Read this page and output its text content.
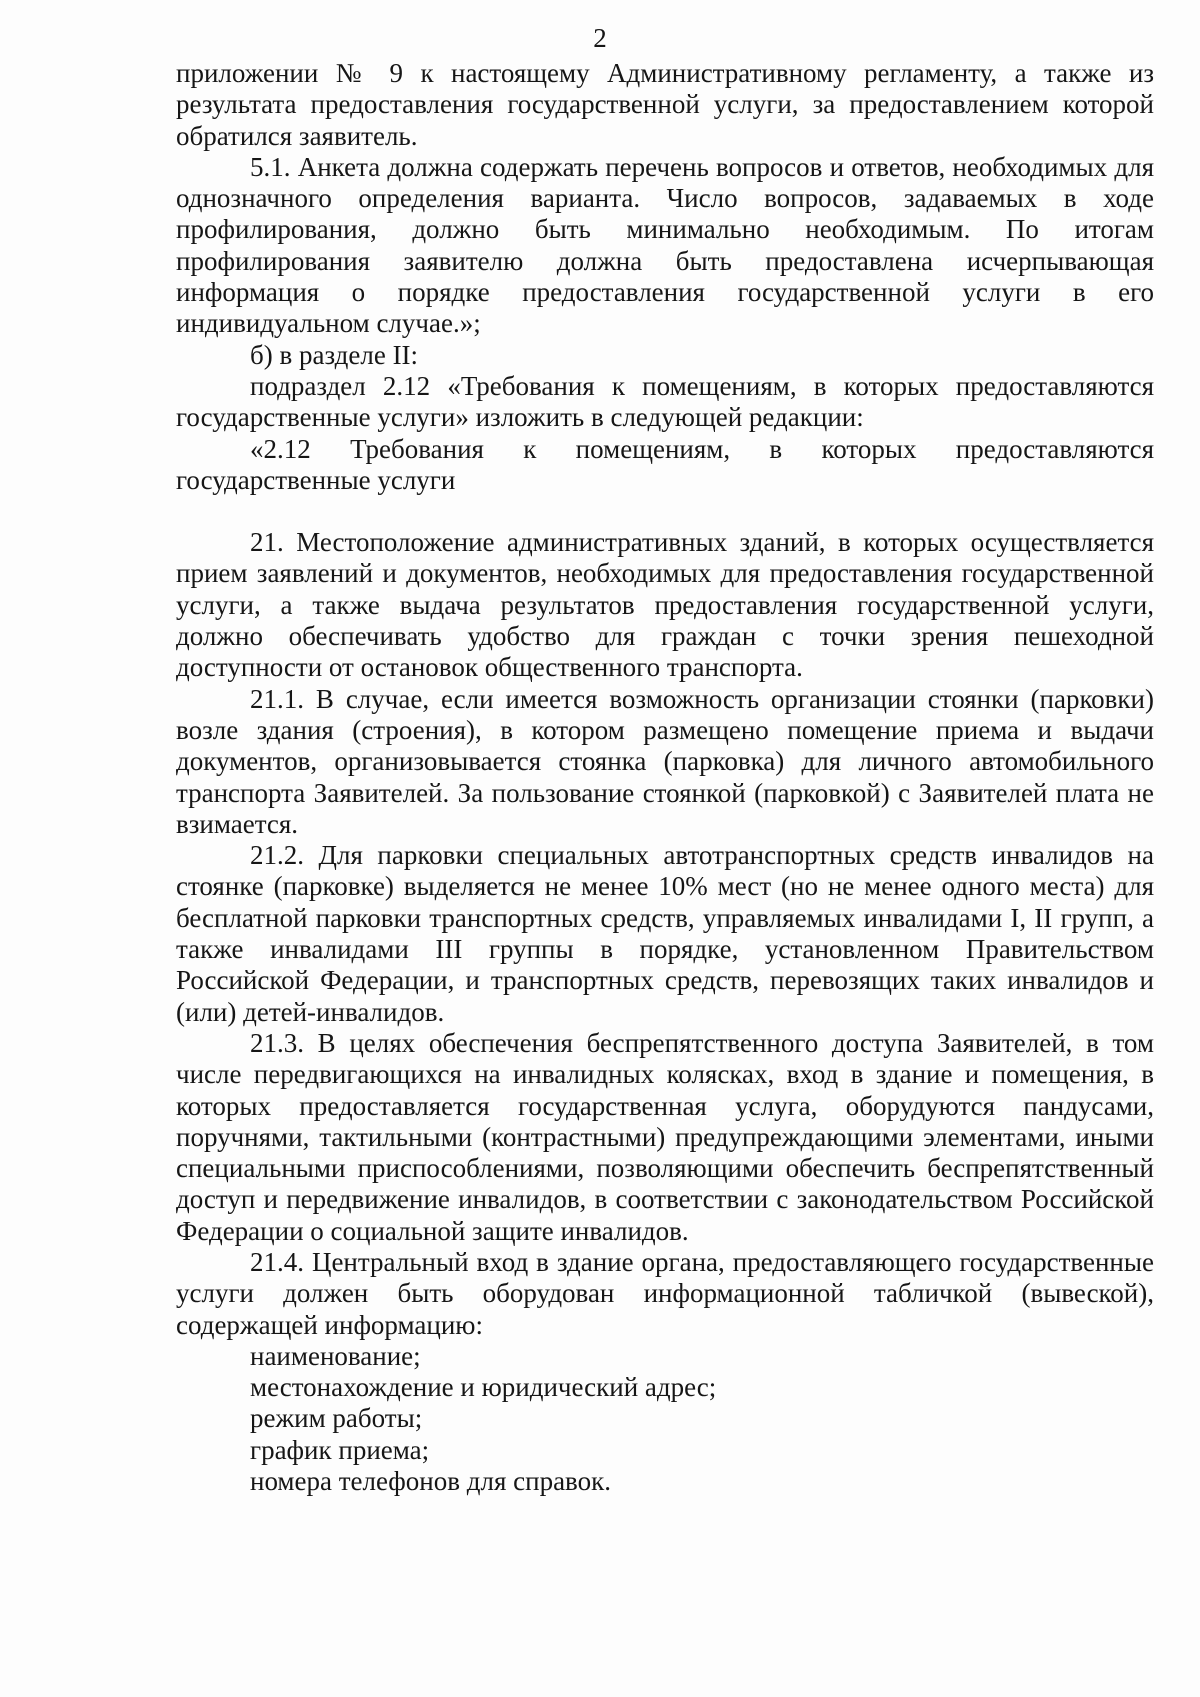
2

приложении № 9 к настоящему Административному регламенту, а также из результата предоставления государственной услуги, за предоставлением которой обратился заявитель.

5.1. Анкета должна содержать перечень вопросов и ответов, необходимых для однозначного определения варианта. Число вопросов, задаваемых в ходе профилирования, должно быть минимально необходимым. По итогам профилирования заявителю должна быть предоставлена исчерпывающая информация о порядке предоставления государственной услуги в его индивидуальном случае.»;

б) в разделе II:

подраздел 2.12 «Требования к помещениям, в которых предоставляются государственные услуги» изложить в следующей редакции:

«2.12 Требования к помещениям, в которых предоставляются государственные услуги

21. Местоположение административных зданий, в которых осуществляется прием заявлений и документов, необходимых для предоставления государственной услуги, а также выдача результатов предоставления государственной услуги, должно обеспечивать удобство для граждан с точки зрения пешеходной доступности от остановок общественного транспорта.

21.1. В случае, если имеется возможность организации стоянки (парковки) возле здания (строения), в котором размещено помещение приема и выдачи документов, организовывается стоянка (парковка) для личного автомобильного транспорта Заявителей. За пользование стоянкой (парковкой) с Заявителей плата не взимается.

21.2. Для парковки специальных автотранспортных средств инвалидов на стоянке (парковке) выделяется не менее 10% мест (но не менее одного места) для бесплатной парковки транспортных средств, управляемых инвалидами I, II групп, а также инвалидами III группы в порядке, установленном Правительством Российской Федерации, и транспортных средств, перевозящих таких инвалидов и (или) детей-инвалидов.

21.3. В целях обеспечения беспрепятственного доступа Заявителей, в том числе передвигающихся на инвалидных колясках, вход в здание и помещения, в которых предоставляется государственная услуга, оборудуются пандусами, поручнями, тактильными (контрастными) предупреждающими элементами, иными специальными приспособлениями, позволяющими обеспечить беспрепятственный доступ и передвижение инвалидов, в соответствии с законодательством Российской Федерации о социальной защите инвалидов.

21.4. Центральный вход в здание органа, предоставляющего государственные услуги должен быть оборудован информационной табличкой (вывеской), содержащей информацию:

наименование;

местонахождение и юридический адрес;

режим работы;

график приема;

номера телефонов для справок.
